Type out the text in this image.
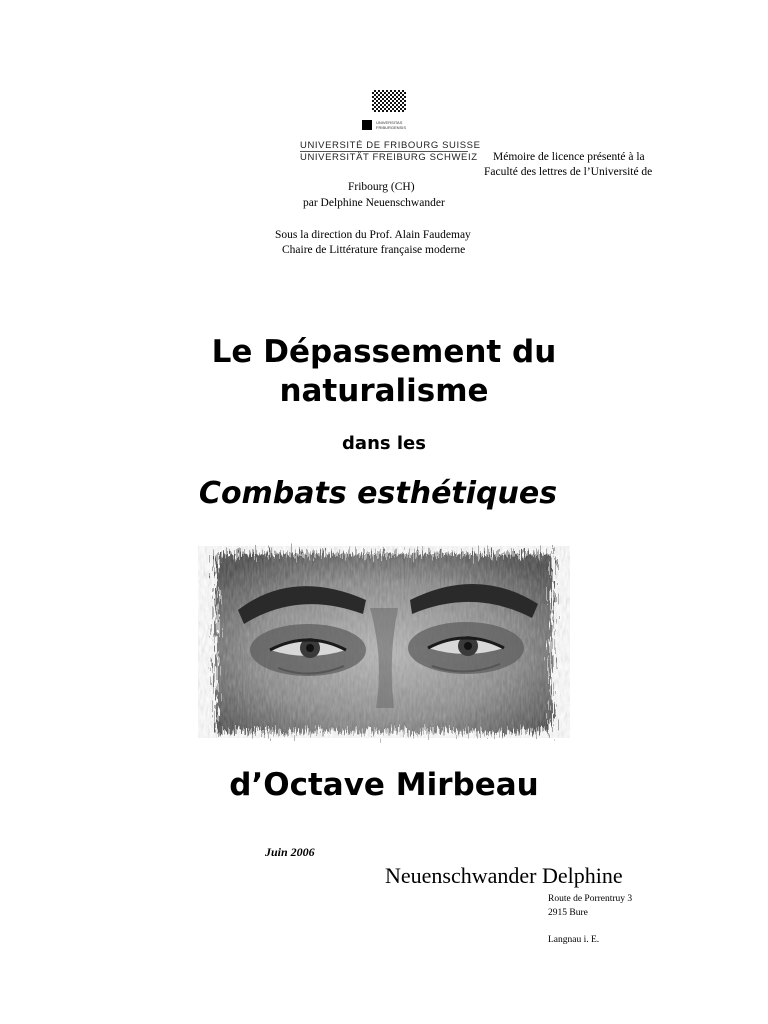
UNIVERSITAS
FRIBURGENSIS
UNIVERSITÉ DE FRIBOURG SUISSE
UNIVERSITÄT FREIBURG SCHWEIZ Mémoire de licence présenté à la
Faculté des lettres de l’Université de
Fribourg (CH)
par Delphine Neuenschwander
Sous la direction du Prof. Alain Faudemay
Chaire de Littérature française moderne
Le Dépassement du
naturalisme
dans les
Combats esthétiques
d’Octave Mirbeau
Juin 2006
Neuenschwander Delphine
Route de Porrentruy 3
2915 Bure
Langnau i. E.
